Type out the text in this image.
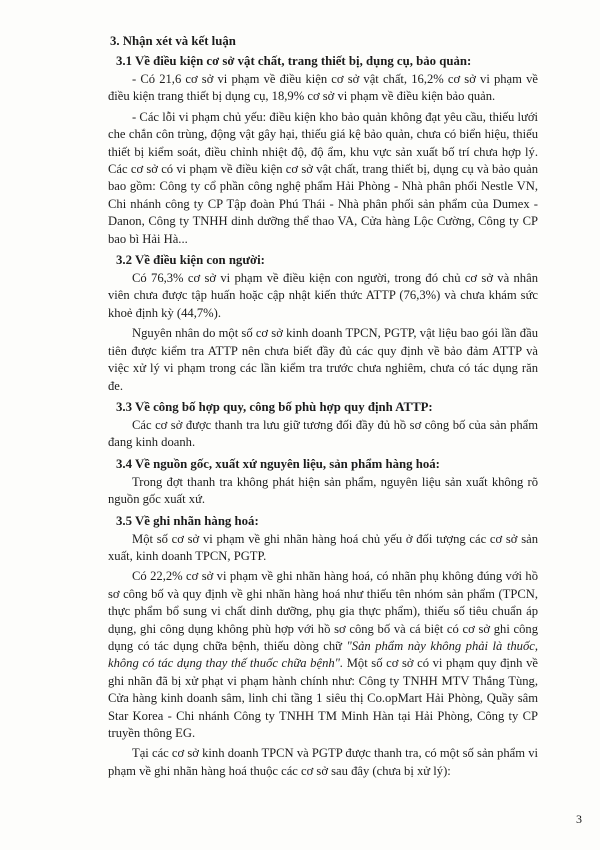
3. Nhận xét và kết luận
3.1 Về điều kiện cơ sở vật chất, trang thiết bị, dụng cụ, bảo quản:

- Có 21,6 cơ sở vi phạm về điều kiện cơ sở vật chất, 16,2% cơ sở vi phạm về điều kiện trang thiết bị dụng cụ, 18,9% cơ sở vi phạm về điều kiện bảo quản.

- Các lỗi vi phạm chủ yếu: điều kiện kho bảo quản không đạt yêu cầu, thiếu lưới che chắn côn trùng, động vật gây hại, thiếu giá kệ bảo quản, chưa có biển hiệu, thiếu thiết bị kiểm soát, điều chỉnh nhiệt độ, độ ẩm, khu vực sản xuất bố trí chưa hợp lý. Các cơ sở có vi phạm về điều kiện cơ sở vật chất, trang thiết bị, dụng cụ và bảo quản bao gồm: Công ty cổ phần công nghệ phẩm Hải Phòng - Nhà phân phối Nestle VN, Chi nhánh công ty CP Tập đoàn Phú Thái - Nhà phân phối sản phẩm của Dumex - Danon, Công ty TNHH dinh dưỡng thể thao VA, Cửa hàng Lộc Cường, Công ty CP bao bì Hải Hà...

3.2 Về điều kiện con người:

Có 76,3% cơ sở vi phạm về điều kiện con người, trong đó chủ cơ sở và nhân viên chưa được tập huấn hoặc cập nhật kiến thức ATTP (76,3%) và chưa khám sức khoẻ định kỳ (44,7%).

Nguyên nhân do một số cơ sở kinh doanh TPCN, PGTP, vật liệu bao gói lần đầu tiên được kiểm tra ATTP nên chưa biết đầy đủ các quy định về bảo đảm ATTP và việc xử lý vi phạm trong các lần kiểm tra trước chưa nghiêm, chưa có tác dụng răn đe.

3.3 Về công bố hợp quy, công bố phù hợp quy định ATTP:

Các cơ sở được thanh tra lưu giữ tương đối đầy đủ hồ sơ công bố của sản phẩm đang kinh doanh.

3.4 Về nguồn gốc, xuất xứ nguyên liệu, sản phẩm hàng hoá:

Trong đợt thanh tra không phát hiện sản phẩm, nguyên liệu sản xuất không rõ nguồn gốc xuất xứ.

3.5 Về ghi nhãn hàng hoá:

Một số cơ sở vi phạm về ghi nhãn hàng hoá chủ yếu ở đối tượng các cơ sở sản xuất, kinh doanh TPCN, PGTP.

Có 22,2% cơ sở vi phạm về ghi nhãn hàng hoá, có nhãn phụ không đúng với hồ sơ công bố và quy định về ghi nhãn hàng hoá như thiếu tên nhóm sản phẩm (TPCN, thực phẩm bổ sung vi chất dinh dưỡng, phụ gia thực phẩm), thiếu số tiêu chuẩn áp dụng, ghi công dụng không phù hợp với hồ sơ công bố và cá biệt có cơ sở ghi công dụng có tác dụng chữa bệnh, thiếu dòng chữ "Sản phẩm này không phải là thuốc, không có tác dụng thay thế thuốc chữa bệnh". Một số cơ sở có vi phạm quy định về ghi nhãn đã bị xử phạt vi phạm hành chính như: Công ty TNHH MTV Thắng Tùng, Cửa hàng kinh doanh sâm, linh chi tầng 1 siêu thị Co.opMart Hải Phòng, Quầy sâm Star Korea - Chi nhánh Công ty TNHH TM Minh Hàn tại Hải Phòng, Công ty CP truyền thông EG.

Tại các cơ sở kinh doanh TPCN và PGTP được thanh tra, có một số sản phẩm vi phạm về ghi nhãn hàng hoá thuộc các cơ sở sau đây (chưa bị xử lý):

3
